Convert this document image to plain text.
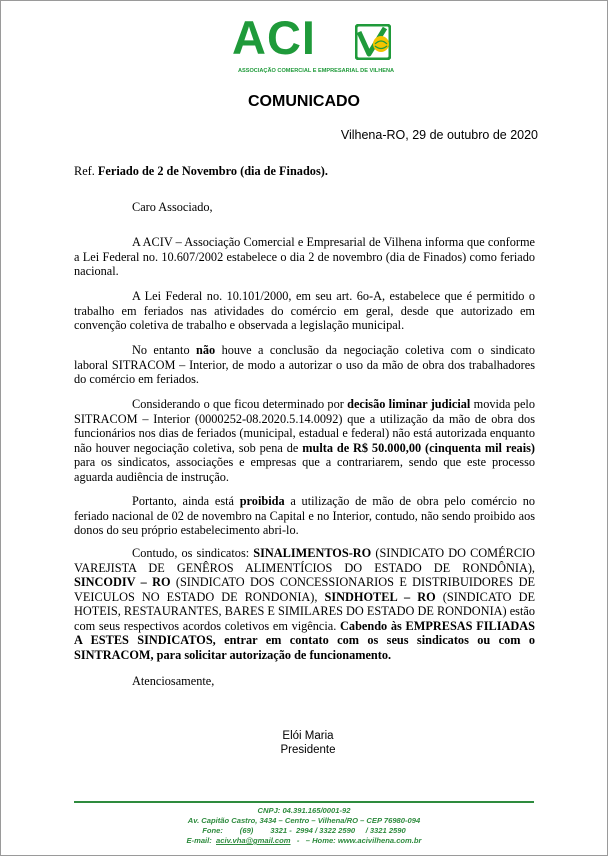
ACI
ASSOCIAÇÃO COMERCIAL E EMPRESARIAL DE VILHENA
COMUNICADO
Vilhena-RO, 29 de outubro de 2020
Ref. Feriado de 2 de Novembro (dia de Finados).
Caro Associado,

A ACIV – Associação Comercial e Empresarial de Vilhena informa que conforme a Lei Federal no. 10.607/2002 estabelece o dia 2 de novembro (dia de Finados) como feriado nacional.

A Lei Federal no. 10.101/2000, em seu art. 6o-A, estabelece que é permitido o trabalho em feriados nas atividades do comércio em geral, desde que autorizado em convenção coletiva de trabalho e observada a legislação municipal.

No entanto não houve a conclusão da negociação coletiva com o sindicato laboral SITRACOM – Interior, de modo a autorizar o uso da mão de obra dos trabalhadores do comércio em feriados.

Considerando o que ficou determinado por decisão liminar judicial movida pelo SITRACOM – Interior (0000252-08.2020.5.14.0092) que a utilização da mão de obra dos funcionários nos dias de feriados (municipal, estadual e federal) não está autorizada enquanto não houver negociação coletiva, sob pena de multa de R$ 50.000,00 (cinquenta mil reais) para os sindicatos, associações e empresas que a contrariarem, sendo que este processo aguarda audiência de instrução.

Portanto, ainda está proibida a utilização de mão de obra pelo comércio no feriado nacional de 02 de novembro na Capital e no Interior, contudo, não sendo proibido aos donos do seu próprio estabelecimento abri-lo.

Contudo, os sindicatos: SINALIMENTOS-RO (SINDICATO DO COMÉRCIO VAREJISTA DE GENÊROS ALIMENTÍCIOS DO ESTADO DE RONDÔNIA), SINCODIV – RO (SINDICATO DOS CONCESSIONARIOS E DISTRIBUIDORES DE VEICULOS NO ESTADO DE RONDONIA), SINDHOTEL – RO (SINDICATO DE HOTEIS, RESTAURANTES, BARES E SIMILARES DO ESTADO DE RONDONIA) estão com seus respectivos acordos coletivos em vigência. Cabendo às EMPRESAS FILIADAS A ESTES SINDICATOS, entrar em contato com os seus sindicatos ou com o SINTRACOM, para solicitar autorização de funcionamento.

Atenciosamente,
Elói Maria
Presidente
CNPJ: 04.391.165/0001-92
Av. Capitão Castro, 3434 – Centro – Vilhena/RO – CEP 76980-094
Fone:        (69)        3321 -  2994 / 3322 2590     / 3321 2590
E-mail:  aciv.vha@gmail.com   -   – Home: www.acivilhena.com.br
